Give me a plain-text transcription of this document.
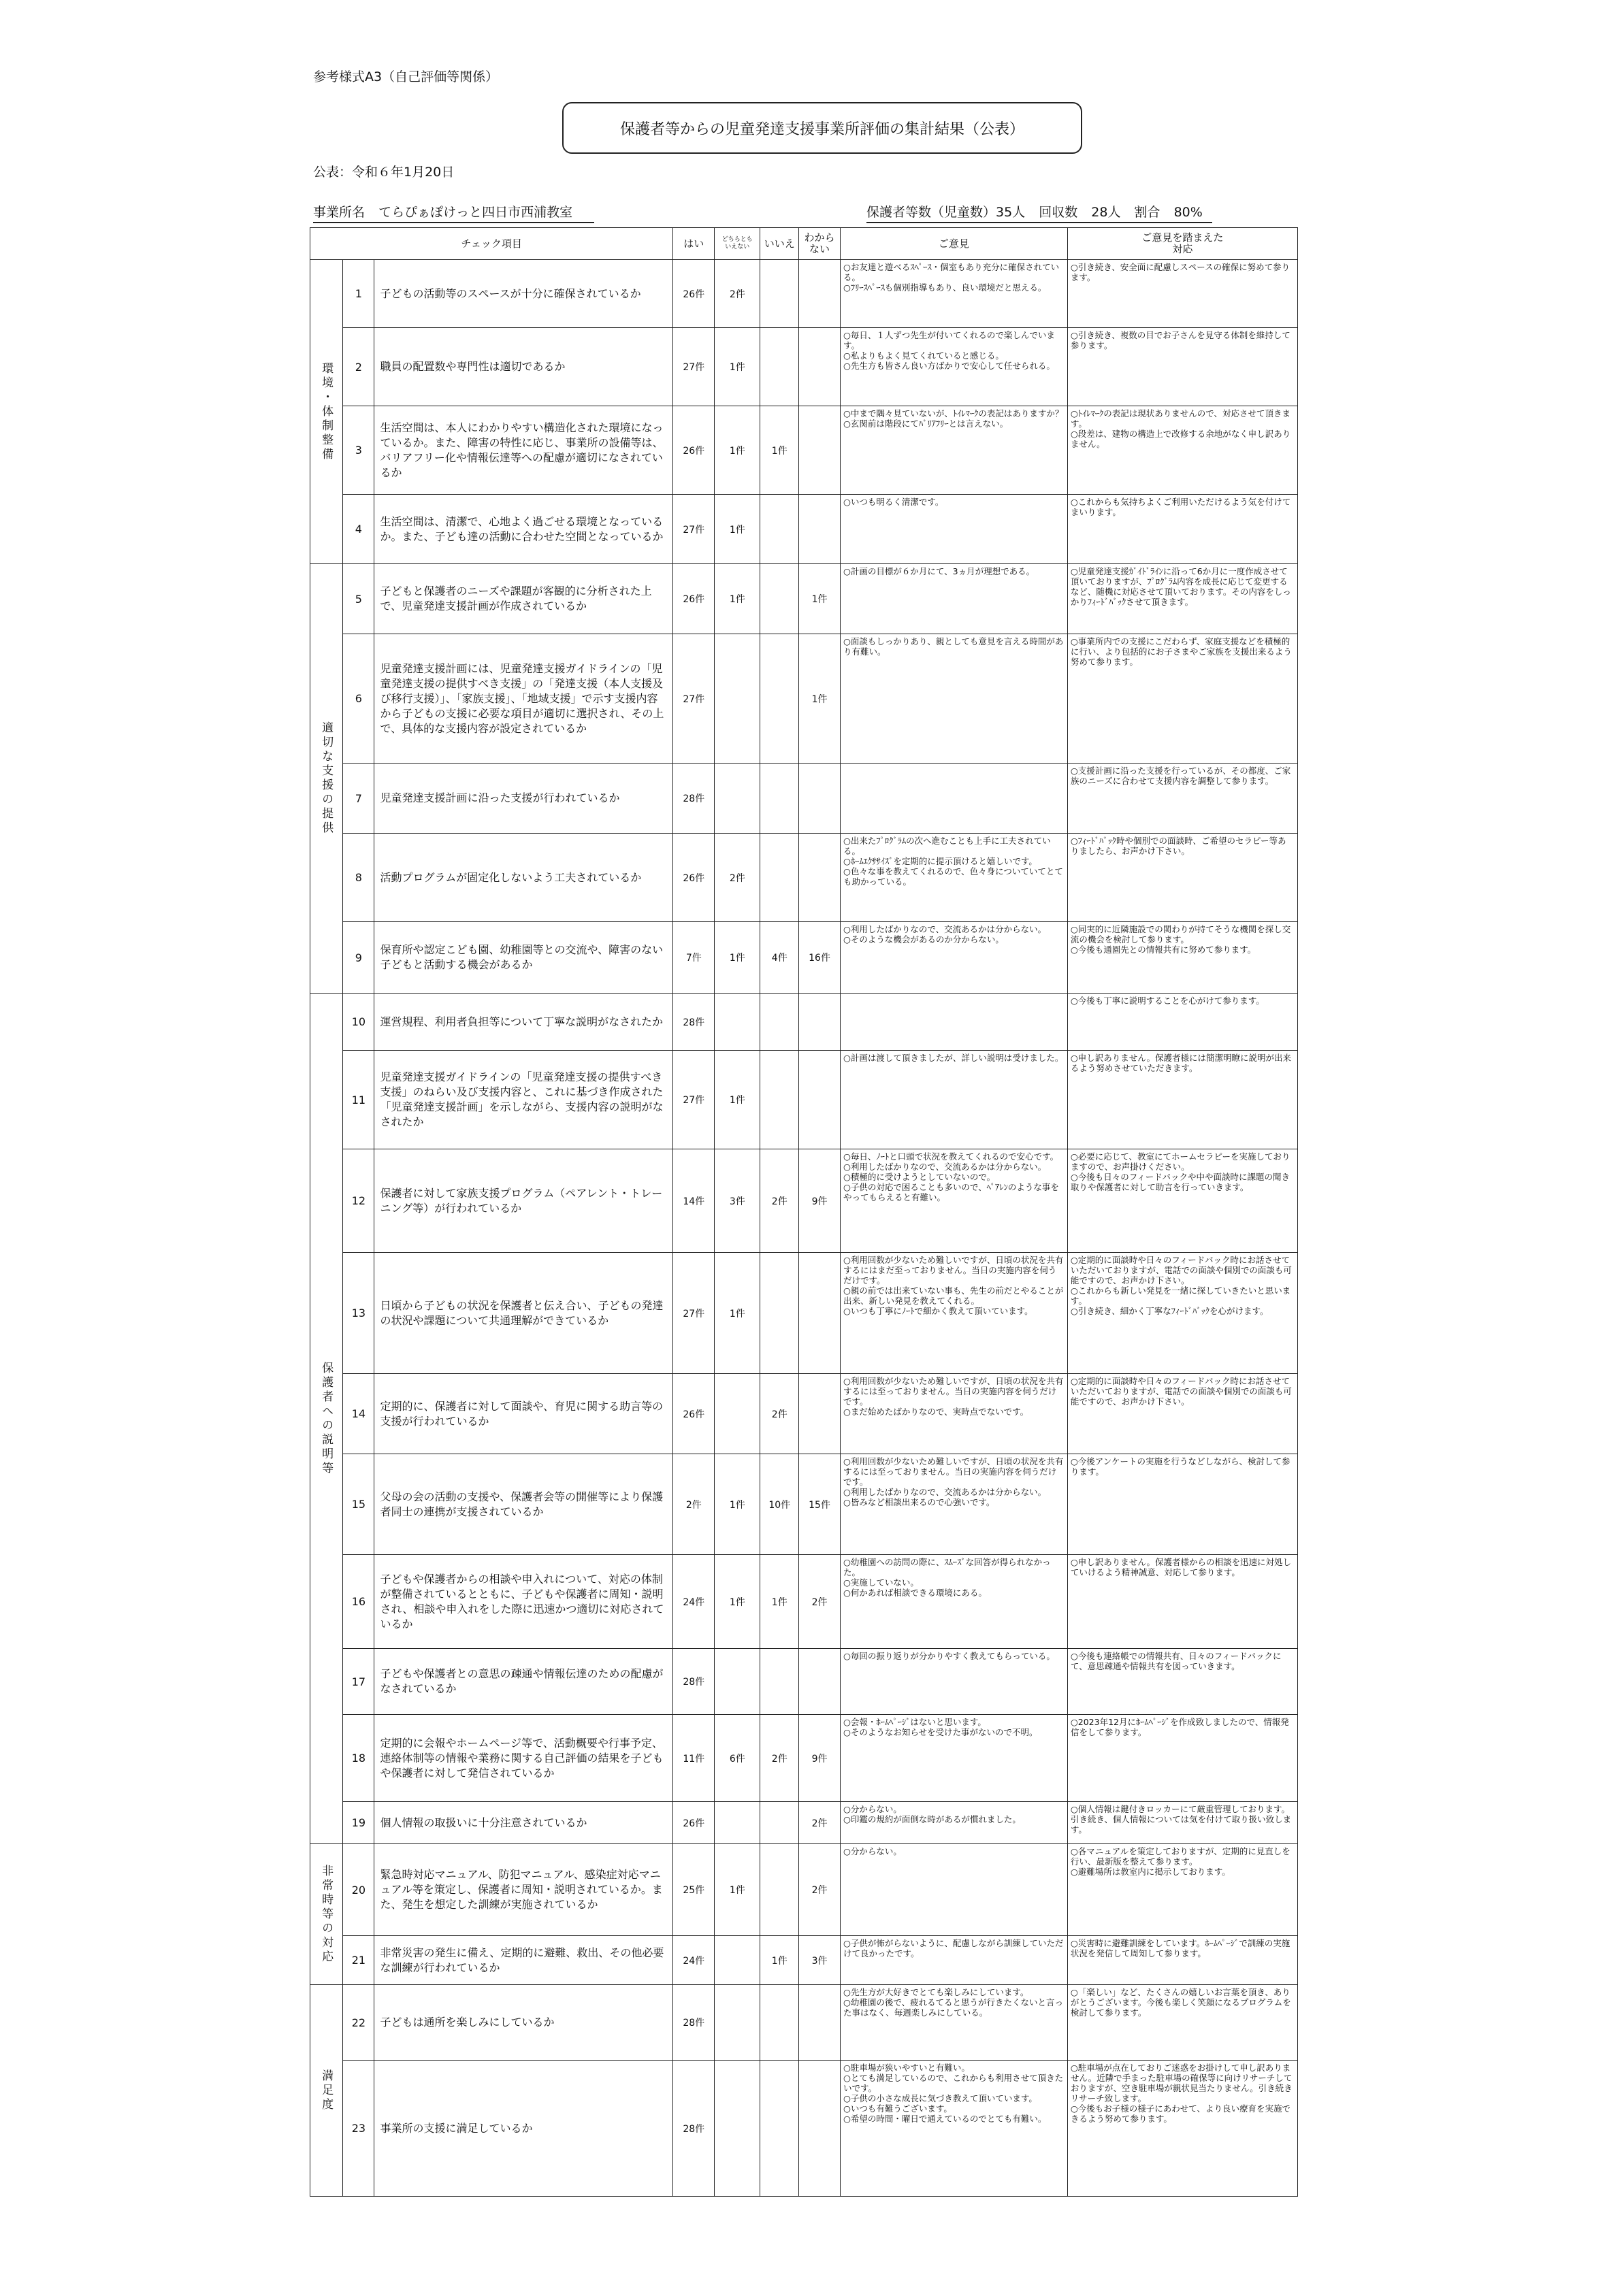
参考様式A3（自己評価等関係）
保護者等からの児童発達支援事業所評価の集計結果（公表）
公表：令和６年1月20日
事業所名 てらぴぁぽけっと四日市西浦教室	保護者等数（児童数）35人 回収数 28人 割合 80%
チェック項目			はい	どちらとも
いえない	いいえ	わから
ない	ご意見	ご意見を踏まえた
対応
環境・体制整備	1	子どもの活動等のスペースが十分に確保されているか	26件	2件			○お友達と遊べるｽﾍﾟｰｽ・個室もあり充分に確保されている。
○ﾌﾘｰｽﾍﾟｰｽも個別指導もあり、良い環境だと思える。	○引き続き、安全面に配慮しスペースの確保に努めて参ります。
	2	職員の配置数や専門性は適切であるか	27件	1件			○毎日、１人ずつ先生が付いてくれるので楽しんでいます。
○私よりもよく見てくれていると感じる。
○先生方も皆さん良い方ばかりで安心して任せられる。	○引き続き、複数の目でお子さんを見守る体制を維持して参ります。
	3	生活空間は、本人にわかりやすい構造化された環境になっているか。また、障害の特性に応じ、事業所の設備等は、バリアフリー化や情報伝達等への配慮が適切になされているか	26件	1件	1件		○中まで隅々見ていないが、ﾄｲﾚﾏｰｸの表記はありますか？
○玄関前は階段にてﾊﾞﾘｱﾌﾘｰとは言えない。	○ﾄｲﾚﾏｰｸの表記は現状ありませんので、対応させて頂きます。
○段差は、建物の構造上で改修する余地がなく申し訳ありません。
	4	生活空間は、清潔で、心地よく過ごせる環境となっているか。また、子ども達の活動に合わせた空間となっているか	27件	1件			○いつも明るく清潔です。	○これからも気持ちよくご利用いただけるよう気を付けてまいります。
適切な支援の提供	5	子どもと保護者のニーズや課題が客観的に分析された上で、児童発達支援計画が作成されているか	26件	1件		1件	○計画の目標が６か月にて、3ヵ月が理想である。	○児童発達支援ｶﾞｲﾄﾞﾗｲﾝに沿って6か月に一度作成させて頂いておりますが、ﾌﾟﾛｸﾞﾗﾑ内容を成長に応じて変更するなど、随機に対応させて頂いております。その内容をしっかりﾌｨｰﾄﾞﾊﾞｯｸさせて頂きます。
	6	児童発達支援計画には、児童発達支援ガイドラインの「児童発達支援の提供すべき支援」の「発達支援（本人支援及び移行支援）」、「家族支援」、「地域支援」で示す支援内容から子どもの支援に必要な項目が適切に選択され、その上で、具体的な支援内容が設定されているか	27件			1件	○面談もしっかりあり、親としても意見を言える時間があり有難い。	○事業所内での支援にこだわらず、家庭支援などを積極的に行い、より包括的にお子さまやご家族を支援出来るよう努めて参ります。
	7	児童発達支援計画に沿った支援が行われているか	28件					○支援計画に沿った支援を行っているが、その都度、ご家族のニーズに合わせて支援内容を調整して参ります。
	8	活動プログラムが固定化しないよう工夫されているか	26件	2件			○出来たﾌﾟﾛｸﾞﾗﾑの次へ進むことも上手に工夫されている。
○ﾎｰﾑｴｸｻｻｲｽﾞを定期的に提示頂けると嬉しいです。
○色々な事を教えてくれるので、色々身についていてとても助かっている。	○ﾌｨｰﾄﾞﾊﾞｯｸ時や個別での面談時、ご希望のセラピー等ありましたら、お声かけ下さい。
	9	保育所や認定こども園、幼稚園等との交流や、障害のない子どもと活動する機会があるか	7件	1件	4件	16件	○利用したばかりなので、交流あるかは分からない。
○そのような機会があるのか分からない。	○同実的に近隣施設での関わりが持てそうな機関を探し交流の機会を検討して参ります。
○今後も通園先との情報共有に努めて参ります。
保護者への説明等	10	運営規程、利用者負担等について丁寧な説明がなされたか	28件					○今後も丁寧に説明することを心がけて参ります。
	11	児童発達支援ガイドラインの「児童発達支援の提供すべき支援」のねらい及び支援内容と、これに基づき作成された「児童発達支援計画」を示しながら、支援内容の説明がなされたか	27件	1件			○計画は渡して頂きましたが、詳しい説明は受けました。	○申し訳ありません。保護者様には簡潔明瞭に説明が出来るよう努めさせていただきます。
	12	保護者に対して家族支援プログラム（ペアレント・トレーニング等）が行われているか	14件	3件	2件	9件	○毎日、ﾉｰﾄと口頭で状況を教えてくれるので安心です。
○利用したばかりなので、交流あるかは分からない。
○積極的に受けようとしていないので。
○子供の対応で困ることも多いので、ﾍﾟｱﾚﾝのような事をやってもらえると有難い。	○必要に応じて、教室にてホームセラピーを実施しておりますので、お声掛けください。
○今後も日々のフィードバックや中や面談時に課題の聞き取りや保護者に対して助言を行っていきます。
	13	日頃から子どもの状況を保護者と伝え合い、子どもの発達の状況や課題について共通理解ができているか	27件	1件			○利用回数が少ないため難しいですが、日頃の状況を共有するにはまだ至っておりません。当日の実施内容を伺うだけです。
○親の前では出来ていない事も、先生の前だとやることが出来、新しい発見を教えてくれる。
○いつも丁寧にﾉｰﾄで細かく教えて頂いています。	○定期的に面談時や日々のフィードバック時にお話させていただいておりますが、電話での面談や個別での面談も可能ですので、お声かけ下さい。
○これからも新しい発見を一緒に探していきたいと思います。
○引き続き、細かく丁寧なﾌｨｰﾄﾞﾊﾞｯｸを心がけます。
	14	定期的に、保護者に対して面談や、育児に関する助言等の支援が行われているか	26件		2件		○利用回数が少ないため難しいですが、日頃の状況を共有するには至っておりません。当日の実施内容を伺うだけです。
○まだ始めたばかりなので、実時点でないです。	○定期的に面談時や日々のフィードバック時にお話させていただいておりますが、電話での面談や個別での面談も可能ですので、お声かけ下さい。
	15	父母の会の活動の支援や、保護者会等の開催等により保護者同士の連携が支援されているか	2件	1件	10件	15件	○利用回数が少ないため難しいですが、日頃の状況を共有するには至っておりません。当日の実施内容を伺うだけです。
○利用したばかりなので、交流あるかは分からない。
○皆みなど相談出来るので心強いです。	○今後アンケートの実施を行うなどしながら、検討して参ります。
	16	子どもや保護者からの相談や申入れについて、対応の体制が整備されているとともに、子どもや保護者に周知・説明され、相談や申入れをした際に迅速かつ適切に対応されているか	24件	1件	1件	2件	○幼稚園への訪問の際に、ｽﾑｰｽﾞな回答が得られなかった。
○実施していない。
○何かあれば相談できる環境にある。	○申し訳ありません。保護者様からの相談を迅速に対処していけるよう精神誠意、対応して参ります。
	17	子どもや保護者との意思の疎通や情報伝達のための配慮がなされているか	28件				○毎回の振り返りが分かりやすく教えてもらっている。	○今後も連絡帳での情報共有、日々のフィードバックにて、意思疎通や情報共有を図っていきます。
	18	定期的に会報やホームページ等で、活動概要や行事予定、連絡体制等の情報や業務に関する自己評価の結果を子どもや保護者に対して発信されているか	11件	6件	2件	9件	○会報・ﾎｰﾑﾍﾟｰｼﾞはないと思います。
○そのようなお知らせを受けた事がないので不明。	○2023年12月にﾎｰﾑﾍﾟｰｼﾞを作成致しましたので、情報発信をして参ります。
	19	個人情報の取扱いに十分注意されているか	26件			2件	○分からない。
○印鑑の規約が面倒な時があるが慣れました。	○個人情報は鍵付きロッカーにて厳重管理しております。引き続き、個人情報については気を付けて取り扱い致します。
非常時等の対応	20	緊急時対応マニュアル、防犯マニュアル、感染症対応マニュアル等を策定し、保護者に周知・説明されているか。また、発生を想定した訓練が実施されているか	25件	1件		2件	○分からない。	○各マニュアルを策定しておりますが、定期的に見直しを行い、最新版を整えて参ります。
○避難場所は教室内に掲示しております。
	21	非常災害の発生に備え、定期的に避難、救出、その他必要な訓練が行われているか	24件		1件	3件	○子供が怖がらないように、配慮しながら訓練していただけて良かったです。	○災害時に避難訓練をしています。ﾎｰﾑﾍﾟｰｼﾞで訓練の実施状況を発信して周知して参ります。
満足度	22	子どもは通所を楽しみにしているか	28件				○先生方が大好きでとても楽しみにしています。
○幼稚園の後で、疲れるてると思うが行きたくないと言った事はなく、毎週楽しみにしている。	○「楽しい」など、たくさんの嬉しいお言葉を頂き、ありがとうございます。今後も楽しく笑顔になるプログラムを検討して参ります。
	23	事業所の支援に満足しているか	28件				○駐車場が狭いやすいと有難い。
○とても満足しているので、これからも利用させて頂きたいです。
○子供の小さな成長に気づき教えて頂いています。
○いつも有難うございます。
○希望の時間・曜日で通えているのでとても有難い。	○駐車場が点在しておりご迷惑をお掛けして申し訳ありません。近隣で手まった駐車場の確保等に向けリサーチしておりますが、空き駐車場が親状見当たりません。引き続きリサーチ致します。
○今後もお子様の様子にあわせて、より良い療育を実施できるよう努めて参ります。
